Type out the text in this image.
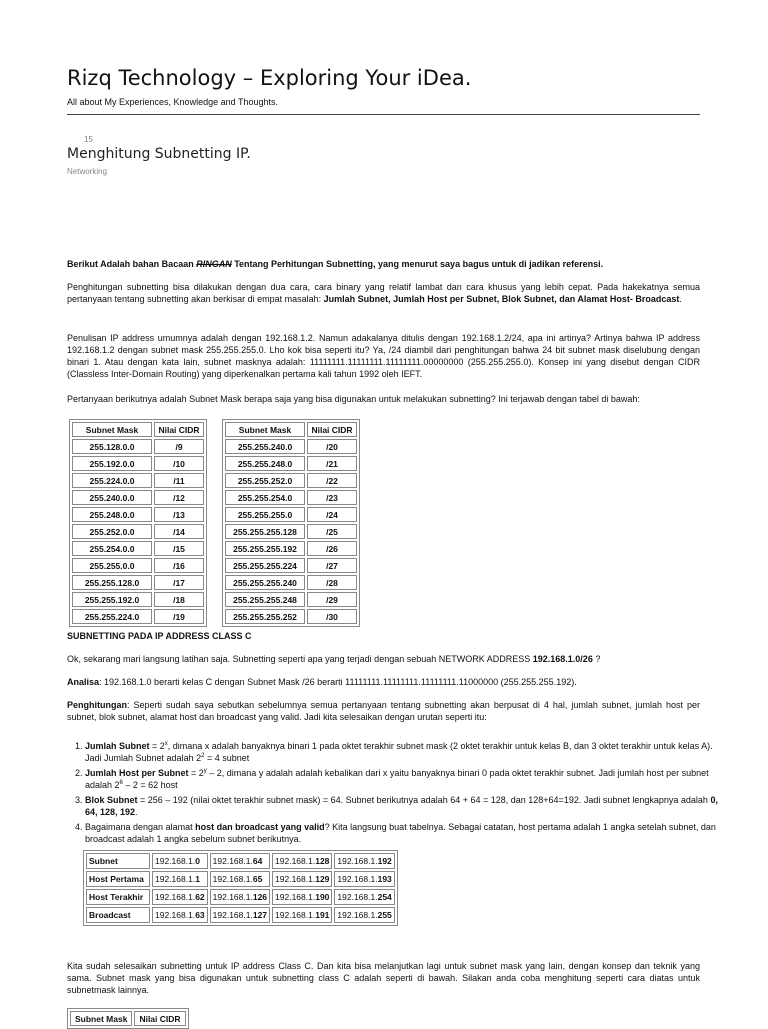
Rizq Technology – Exploring Your iDea.
All about My Experiences, Knowledge and Thoughts.
15
Menghitung Subnetting IP.
Networking

Berikut Adalah bahan Bacaan RINGAN Tentang Perhitungan Subnetting, yang menurut saya bagus untuk di jadikan referensi.

Penghitungan subnetting bisa dilakukan dengan dua cara, cara binary yang relatif lambat dan cara khusus yang lebih cepat. Pada hakekatnya semua pertanyaan tentang subnetting akan berkisar di empat masalah: Jumlah Subnet, Jumlah Host per Subnet, Blok Subnet, dan Alamat Host- Broadcast.

Penulisan IP address umumnya adalah dengan 192.168.1.2. Namun adakalanya ditulis dengan 192.168.1.2/24, apa ini artinya? Artinya bahwa IP address 192.168.1.2 dengan subnet mask 255.255.255.0. Lho kok bisa seperti itu? Ya, /24 diambil dari penghitungan bahwa 24 bit subnet mask diselubung dengan binari 1. Atau dengan kata lain, subnet masknya adalah: 11111111.11111111.11111111.00000000 (255.255.255.0). Konsep ini yang disebut dengan CIDR (Classless Inter-Domain Routing) yang diperkenalkan pertama kali tahun 1992 oleh IEFT.

Pertanyaan berikutnya adalah Subnet Mask berapa saja yang bisa digunakan untuk melakukan subnetting? Ini terjawab dengan tabel di bawah:

Subnet Mask	Nilai CIDR
255.128.0.0	/9
255.192.0.0	/10
255.224.0.0	/11
255.240.0.0	/12
255.248.0.0	/13
255.252.0.0	/14
255.254.0.0	/15
255.255.0.0	/16
255.255.128.0	/17
255.255.192.0	/18
255.255.224.0	/19
Subnet Mask	Nilai CIDR
255.255.240.0	/20
255.255.248.0	/21
255.255.252.0	/22
255.255.254.0	/23
255.255.255.0	/24
255.255.255.128	/25
255.255.255.192	/26
255.255.255.224	/27
255.255.255.240	/28
255.255.255.248	/29
255.255.255.252	/30
SUBNETTING PADA IP ADDRESS CLASS C

Ok, sekarang mari langsung latihan saja. Subnetting seperti apa yang terjadi dengan sebuah NETWORK ADDRESS 192.168.1.0/26 ?

Analisa: 192.168.1.0 berarti kelas C dengan Subnet Mask /26 berarti 11111111.11111111.11111111.11000000 (255.255.255.192).

Penghitungan: Seperti sudah saya sebutkan sebelumnya semua pertanyaan tentang subnetting akan berpusat di 4 hal, jumlah subnet, jumlah host per subnet, blok subnet, alamat host dan broadcast yang valid. Jadi kita selesaikan dengan urutan seperti itu:

1. Jumlah Subnet = $2^x$, dimana x adalah banyaknya binari 1 pada oktet terakhir subnet mask (2 oktet terakhir untuk kelas B, dan 3 oktet terakhir untuk kelas A). Jadi Jumlah Subnet adalah $2^2 = 4$ subnet
2. Jumlah Host per Subnet = $2^y - 2$, dimana y adalah adalah kebalikan dari x yaitu banyaknya binari 0 pada oktet terakhir subnet. Jadi jumlah host per subnet adalah $2^6 - 2 = 62$ host
3. Blok Subnet = 256 – 192 (nilai oktet terakhir subnet mask) = 64. Subnet berikutnya adalah 64 + 64 = 128, dan 128+64=192. Jadi subnet lengkapnya adalah 0, 64, 128, 192.
4. Bagaimana dengan alamat host dan broadcast yang valid? Kita langsung buat tabelnya. Sebagai catatan, host pertama adalah 1 angka setelah subnet, dan broadcast adalah 1 angka sebelum subnet berikutnya.
Subnet	192.168.1.0	192.168.1.64	192.168.1.128	192.168.1.192
Host Pertama	192.168.1.1	192.168.1.65	192.168.1.129	192.168.1.193
Host Terakhir	192.168.1.62	192.168.1.126	192.168.1.190	192.168.1.254
Broadcast	192.168.1.63	192.168.1.127	192.168.1.191	192.168.1.255

Kita sudah selesaikan subnetting untuk IP address Class C. Dan kita bisa melanjutkan lagi untuk subnet mask yang lain, dengan konsep dan teknik yang sama. Subnet mask yang bisa digunakan untuk subnetting class C adalah seperti di bawah. Silakan anda coba menghitung seperti cara diatas untuk subnetmask lainnya.

Subnet Mask	Nilai CIDR
